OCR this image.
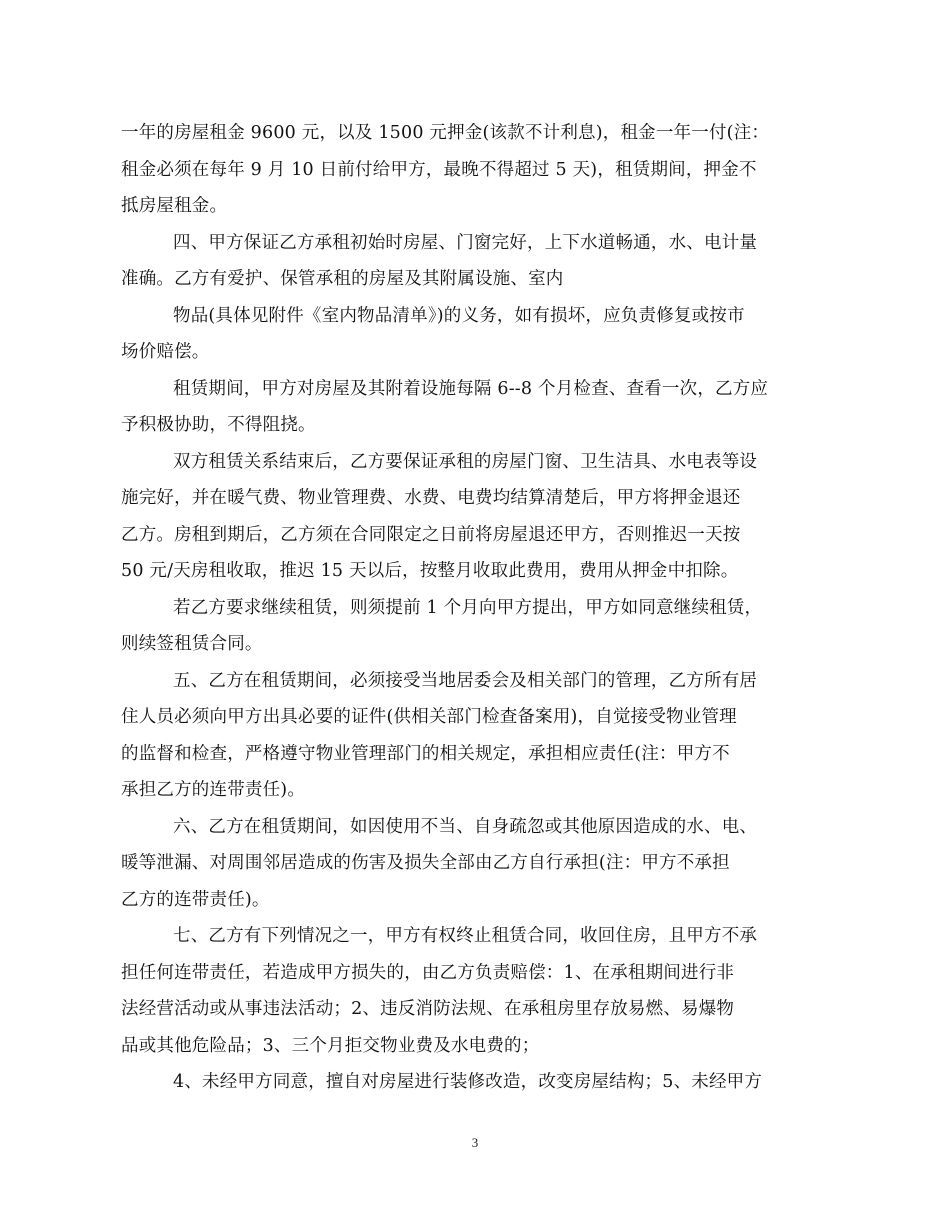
一年的房屋租金 9600 元，以及 1500 元押金(该款不计利息)，租金一年一付(注：
租金必须在每年 9 月 10 日前付给甲方，最晚不得超过 5 天)，租赁期间，押金不
抵房屋租金。
四、甲方保证乙方承租初始时房屋、门窗完好，上下水道畅通，水、电计量
准确。乙方有爱护、保管承租的房屋及其附属设施、室内
物品(具体见附件《室内物品清单》)的义务，如有损坏，应负责修复或按市
场价赔偿。
租赁期间，甲方对房屋及其附着设施每隔 6--8 个月检查、查看一次，乙方应
予积极协助，不得阻挠。
双方租赁关系结束后，乙方要保证承租的房屋门窗、卫生洁具、水电表等设
施完好，并在暖气费、物业管理费、水费、电费均结算清楚后，甲方将押金退还
乙方。房租到期后，乙方须在合同限定之日前将房屋退还甲方，否则推迟一天按
50 元/天房租收取，推迟 15 天以后，按整月收取此费用，费用从押金中扣除。
若乙方要求继续租赁，则须提前 1 个月向甲方提出，甲方如同意继续租赁，
则续签租赁合同。
五、乙方在租赁期间，必须接受当地居委会及相关部门的管理，乙方所有居
住人员必须向甲方出具必要的证件(供相关部门检查备案用)，自觉接受物业管理
的监督和检查，严格遵守物业管理部门的相关规定，承担相应责任(注：甲方不
承担乙方的连带责任)。
六、乙方在租赁期间，如因使用不当、自身疏忽或其他原因造成的水、电、
暖等泄漏、对周围邻居造成的伤害及损失全部由乙方自行承担(注：甲方不承担
乙方的连带责任)。
七、乙方有下列情况之一，甲方有权终止租赁合同，收回住房，且甲方不承
担任何连带责任，若造成甲方损失的，由乙方负责赔偿：1、在承租期间进行非
法经营活动或从事违法活动；2、违反消防法规、在承租房里存放易燃、易爆物
品或其他危险品；3、三个月拒交物业费及水电费的；
4、未经甲方同意，擅自对房屋进行装修改造，改变房屋结构；5、未经甲方
3
